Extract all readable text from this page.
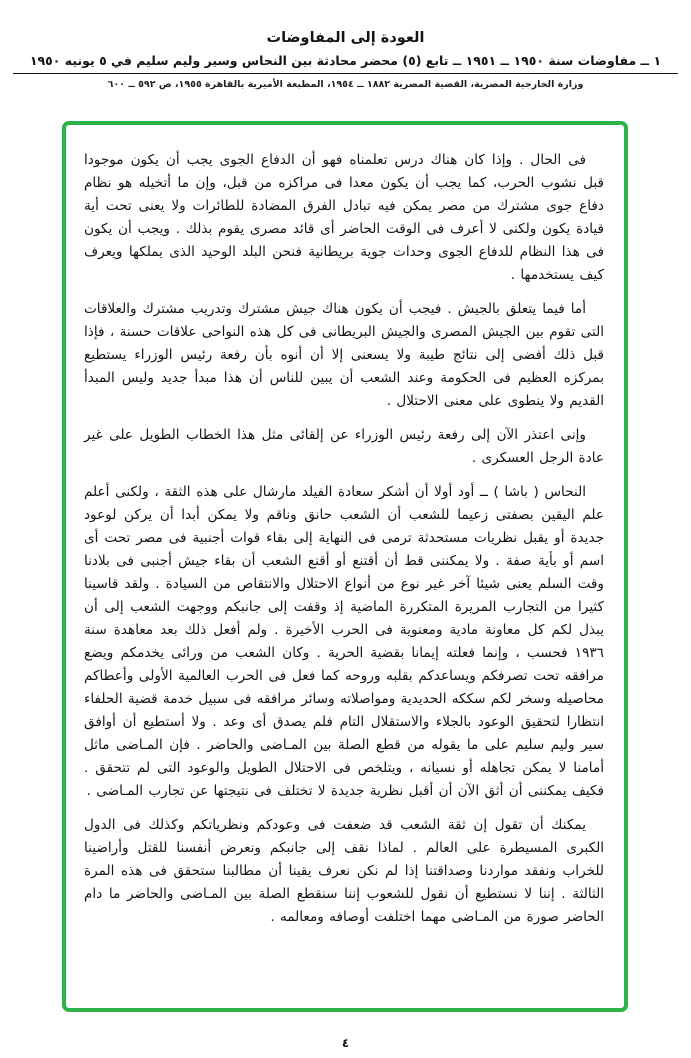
العودة إلى المفاوضات
١ ــ مفاوضات سنة ١٩٥٠ ــ ١٩٥١ ــ تابع (٥) محضر محادثة بين النحاس وسير وليم سليم في ٥ يونيه ١٩٥٠
وزارة الخارجية المصرية، القضية المصرية ١٨٨٢ ــ ١٩٥٤، المطبعة الأميرية بالقاهرة ١٩٥٥، ص ٥٩٢ ــ ٦٠٠

فى الحال . وإذا كان هناك درس تعلمناه فهو أن الدفاع الجوى يجب أن يكون موجودا قبل نشوب الحرب، كما يجب أن يكون معدا فى مراكزه من قبل، وإن ما أتخيله هو نظام دفاع جوى مشترك من مصر يمكن فيه تبادل الفرق المضادة للطائرات ولا يعنى تحت أية قيادة يكون ولكنى لا أعرف فى الوقت الحاضر أى قائد مصرى يقوم بذلك . ويجب أن يكون فى هذا النظام للدفاع الجوى وحدات جوية بريطانية فنحن البلد الوحيد الذى يملكها ويعرف كيف يستخدمها .

أما فيما يتعلق بالجيش . فيجب أن يكون هناك جيش مشترك وتدريب مشترك والعلاقات التى تقوم بين الجيش المصرى والجيش البريطانى فى كل هذه النواحى علاقات حسنة ، فإذا قبل ذلك أفضى إلى نتائج طيبة ولا يسعنى إلا أن أنوه بأن رفعة رئيس الوزراء يستطيع بمركزه العظيم فى الحكومة وعند الشعب أن يبين للناس أن هذا مبدأ جديد وليس المبدأ القديم ولا ينطوى على معنى الاحتلال .

وإنى اعتذر الآن إلى رفعة رئيس الوزراء عن إلقائى مثل هذا الخطاب الطويل على غير عادة الرجل العسكرى .

النحاس ( باشا ) ــ أود أولا أن أشكر سعادة الفيلد مارشال على هذه الثقة ، ولكنى أعلم علم اليقين بصفتى زعيما للشعب أن الشعب حانق وناقم ولا يمكن أبدا أن يركن لوعود جديدة أو يقبل نظريات مستحدثة ترمى فى النهاية إلى بقاء قوات أجنبية فى مصر تحت أى اسم أو بأية صفة . ولا يمكننى قط أن أقتنع أو أقنع الشعب أن بقاء جيش أجنبى فى بلادنا وقت السلم يعنى شيئا آخر غير نوع من أنواع الاحتلال والانتقاص من السيادة . ولقد قاسينا كثيرا من التجارب المريرة المتكررة الماضية إذ وقفت إلى جانبكم ووجهت الشعب إلى أن يبذل لكم كل معاونة مادية ومعنوية فى الحرب الأخيرة . ولم أفعل ذلك بعد معاهدة سنة ١٩٣٦ فحسب ، وإنما فعلته إيمانا بقضية الحرية . وكان الشعب من ورائى يخدمكم ويضع مرافقه تحت تصرفكم ويساعدكم بقلبه وروحه كما فعل فى الحرب العالمية الأولى وأعطاكم محاصيله وسخر لكم سككه الحديدية ومواصلاته وسائر مرافقه فى سبيل خدمة قضية الحلفاء انتظارا لتحقيق الوعود بالجلاء والاستقلال التام فلم يصدق أى وعد . ولا أستطيع أن أوافق سير وليم سليم على ما يقوله من قطع الصلة بين المـاضى والحاضر . فإن المـاضى ماثل أمامنا لا يمكن تجاهله أو نسيانه ، ويتلخص فى الاحتلال الطويل والوعود التى لم تتحقق . فكيف يمكننى أن أثق الآن أن أقبل نظرية جديدة لا تختلف فى نتيجتها عن تجارب المـاضى .

يمكنك أن تقول إن ثقة الشعب قد ضعفت فى وعودكم ونظرياتكم وكذلك فى الدول الكبرى المسيطرة على العالم . لماذا نقف إلى جانبكم ونعرض أنفسنا للقتل وأراضينا للخراب ونفقد مواردنا وصداقتنا إذا لم نكن نعرف يقينا أن مطالبنا ستحقق فى هذه المرة الثالثة . إننا لا نستطيع أن نقول للشعوب إننا سنقطع الصلة بين المـاضى والحاضر ما دام الحاضر صورة من المـاضى مهما اختلفت أوصافه ومعالمه .

٤
